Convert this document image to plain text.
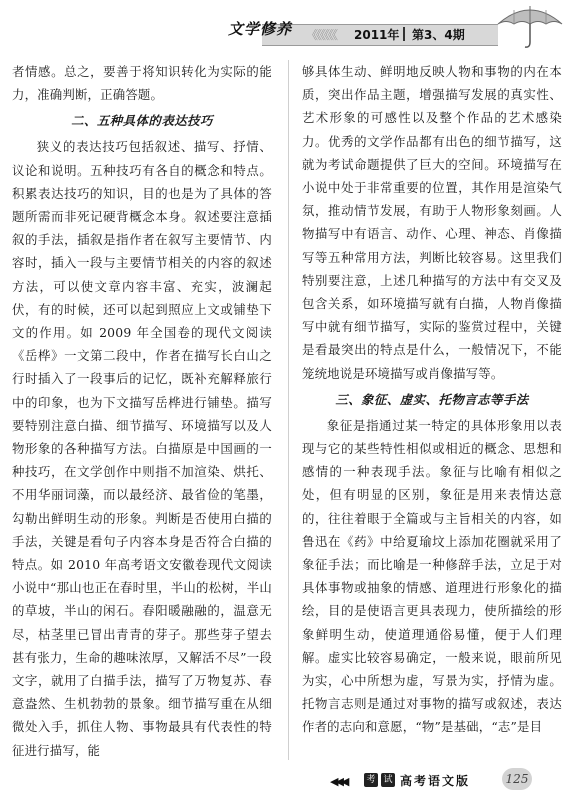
文学修养 《《《《《《 2011年 第3、4期

者情感。总之，要善于将知识转化为实际的能力，准确判断，正确答题。

二、五种具体的表达技巧

狭义的表达技巧包括叙述、描写、抒情、议论和说明。五种技巧有各自的概念和特点。积累表达技巧的知识，目的也是为了具体的答题所需而非死记硬背概念本身。叙述要注意插叙的手法，插叙是指作者在叙写主要情节、内容时，插入一段与主要情节相关的内容的叙述方法，可以使文章内容丰富、充实，波澜起伏，有的时候，还可以起到照应上文或铺垫下文的作用。如 2009 年全国卷的现代文阅读《岳桦》一文第二段中，作者在描写长白山之行时插入了一段事后的记忆，既补充解释旅行中的印象，也为下文描写岳桦进行铺垫。描写要特别注意白描、细节描写、环境描写以及人物形象的各种描写方法。白描原是中国画的一种技巧，在文学创作中则指不加渲染、烘托、不用华丽词藻，而以最经济、最省俭的笔墨，勾勒出鲜明生动的形象。判断是否使用白描的手法，关键是看句子内容本身是否符合白描的特点。如 2010 年高考语文安徽卷现代文阅读小说中“那山也正在春时里，半山的松树，半山的草坡，半山的闲石。春阳暖融融的，温意无尽，枯茎里已冒出青青的芽子。那些芽子望去甚有张力，生命的趣味浓厚，又解活不尽”一段文字，就用了白描手法，描写了万物复苏、春意盎然、生机勃勃的景象。细节描写重在从细微处入手，抓住人物、事物最具有代表性的特征进行描写，能

够具体生动、鲜明地反映人物和事物的内在本质，突出作品主题，增强描写发展的真实性、艺术形象的可感性以及整个作品的艺术感染力。优秀的文学作品都有出色的细节描写，这就为考试命题提供了巨大的空间。环境描写在小说中处于非常重要的位置，其作用是渲染气氛，推动情节发展，有助于人物形象刻画。人物描写中有语言、动作、心理、神态、肖像描写等五种常用方法，判断比较容易。这里我们特别要注意，上述几种描写的方法中有交叉及包含关系，如环境描写就有白描，人物肖像描写中就有细节描写，实际的鉴赏过程中，关键是看最突出的特点是什么，一般情况下，不能笼统地说是环境描写或肖像描写等。

三、象征、虚实、托物言志等手法

象征是指通过某一特定的具体形象用以表现与它的某些特性相似或相近的概念、思想和感情的一种表现手法。象征与比喻有相似之处，但有明显的区别，象征是用来表情达意的，往往着眼于全篇或与主旨相关的内容，如鲁迅在《药》中给夏瑜坟上添加花圈就采用了象征手法；而比喻是一种修辞手法，立足于对具体事物或抽象的情感、道理进行形象化的描绘，目的是使语言更具表现力，使所描绘的形象鲜明生动，使道理通俗易懂，便于人们理解。虚实比较容易确定，一般来说，眼前所见为实，心中所想为虚，写景为实，抒情为虚。托物言志则是通过对事物的描写或叙述，表达作者的志向和意愿，“物”是基础，“志”是目

◀◀◀ 考 试 高考语文版	125
